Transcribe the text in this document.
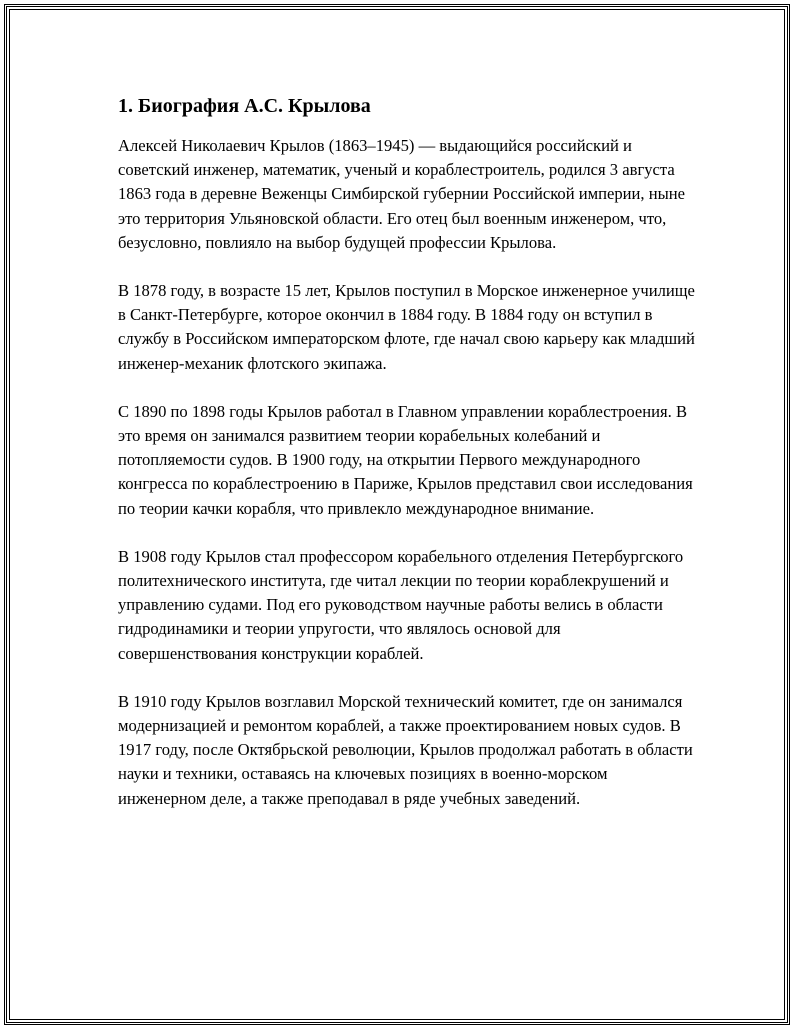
1. Биография А.С. Крылова

Алексей Николаевич Крылов (1863–1945) — выдающийся российский и советский инженер, математик, ученый и кораблестроитель, родился 3 августа 1863 года в деревне Веженцы Симбирской губернии Российской империи, ныне это территория Ульяновской области. Его отец был военным инженером, что, безусловно, повлияло на выбор будущей профессии Крылова.

В 1878 году, в возрасте 15 лет, Крылов поступил в Морское инженерное училище в Санкт-Петербурге, которое окончил в 1884 году. В 1884 году он вступил в службу в Российском императорском флоте, где начал свою карьеру как младший инженер-механик флотского экипажа.

С 1890 по 1898 годы Крылов работал в Главном управлении кораблестроения. В это время он занимался развитием теории корабельных колебаний и потопляемости судов. В 1900 году, на открытии Первого международного конгресса по кораблестроению в Париже, Крылов представил свои исследования по теории качки корабля, что привлекло международное внимание.

В 1908 году Крылов стал профессором корабельного отделения Петербургского политехнического института, где читал лекции по теории кораблекрушений и управлению судами. Под его руководством научные работы велись в области гидродинамики и теории упругости, что являлось основой для совершенствования конструкции кораблей.

В 1910 году Крылов возглавил Морской технический комитет, где он занимался модернизацией и ремонтом кораблей, а также проектированием новых судов. В 1917 году, после Октябрьской революции, Крылов продолжал работать в области науки и техники, оставаясь на ключевых позициях в военно-морском инженерном деле, а также преподавал в ряде учебных заведений.
